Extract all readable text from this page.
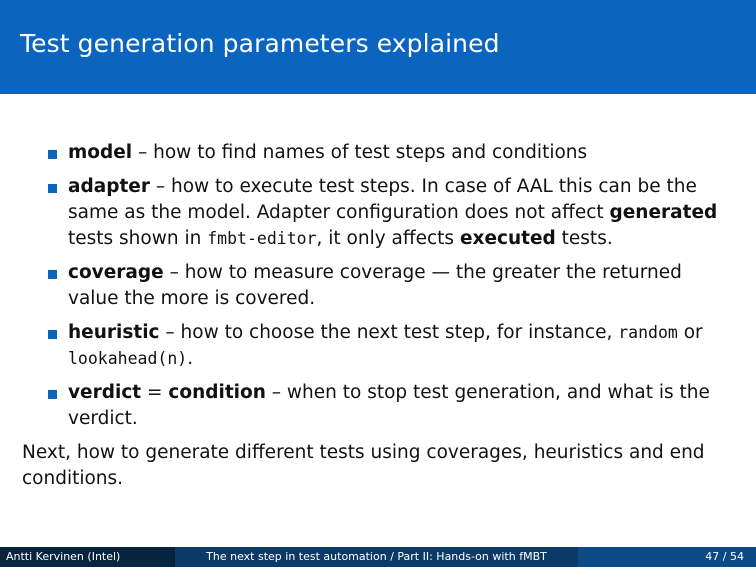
Test generation parameters explained
model – how to find names of test steps and conditions
adapter – how to execute test steps. In case of AAL this can be the same as the model. Adapter configuration does not affect generated tests shown in fmbt-editor, it only affects executed tests.
coverage – how to measure coverage — the greater the returned value the more is covered.
heuristic – how to choose the next test step, for instance, random or lookahead(n).
verdict = condition – when to stop test generation, and what is the verdict.

Next, how to generate different tests using coverages, heuristics and end conditions.

Antti Kervinen (Intel)	The next step in test automation / Part II: Hands-on with fMBT	47 / 54
